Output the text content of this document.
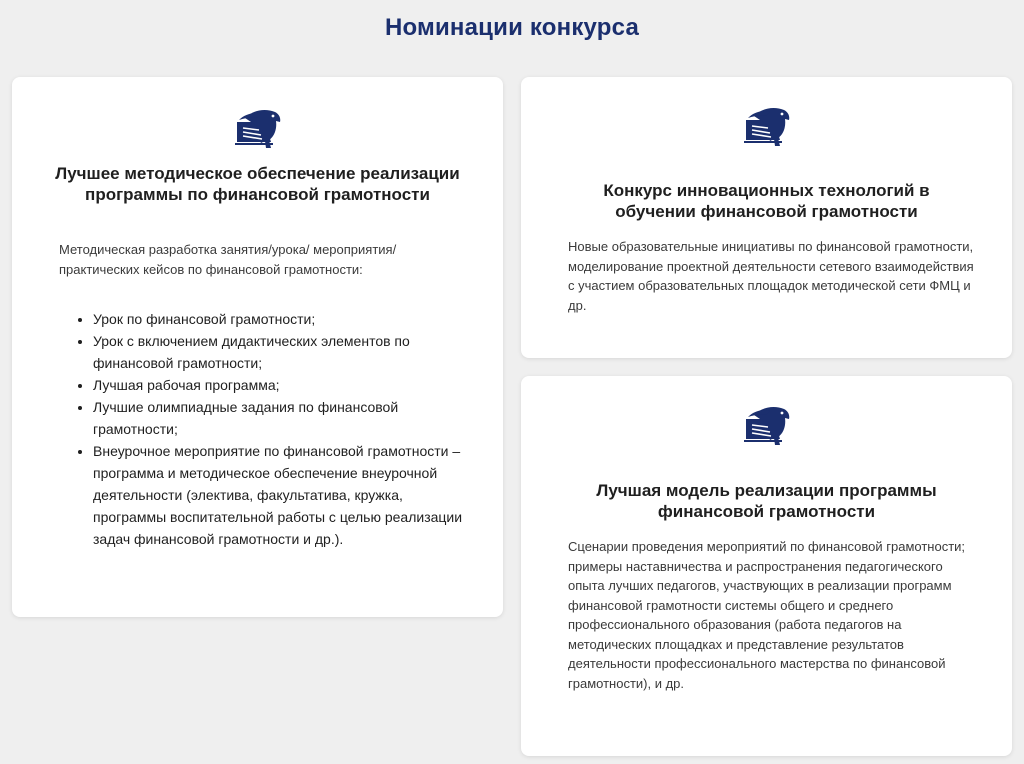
Номинации конкурса
Лучшее методическое обеспечение реализации программы по финансовой грамотности
Методическая разработка занятия/урока/ мероприятия/практических кейсов по финансовой грамотности:
• Урок по финансовой грамотности;
• Урок с включением дидактических элементов по финансовой грамотности;
• Лучшая рабочая программа;
• Лучшие олимпиадные задания по финансовой грамотности;
• Внеурочное мероприятие по финансовой грамотности – программа и методическое обеспечение внеурочной деятельности (электива, факультатива, кружка, программы воспитательной работы с целью реализации задач финансовой грамотности и др.).
Конкурс инновационных технологий в обучении финансовой грамотности
Новые образовательные инициативы по финансовой грамотности, моделирование проектной деятельности сетевого взаимодействия с участием образовательных площадок методической сети ФМЦ и др.
Лучшая модель реализации программы финансовой грамотности
Сценарии проведения мероприятий по финансовой грамотности; примеры наставничества и распространения педагогического опыта лучших педагогов, участвующих в реализации программ финансовой грамотности системы общего и среднего профессионального образования (работа педагогов на методических площадках и представление результатов деятельности профессионального мастерства по финансовой грамотности), и др.
